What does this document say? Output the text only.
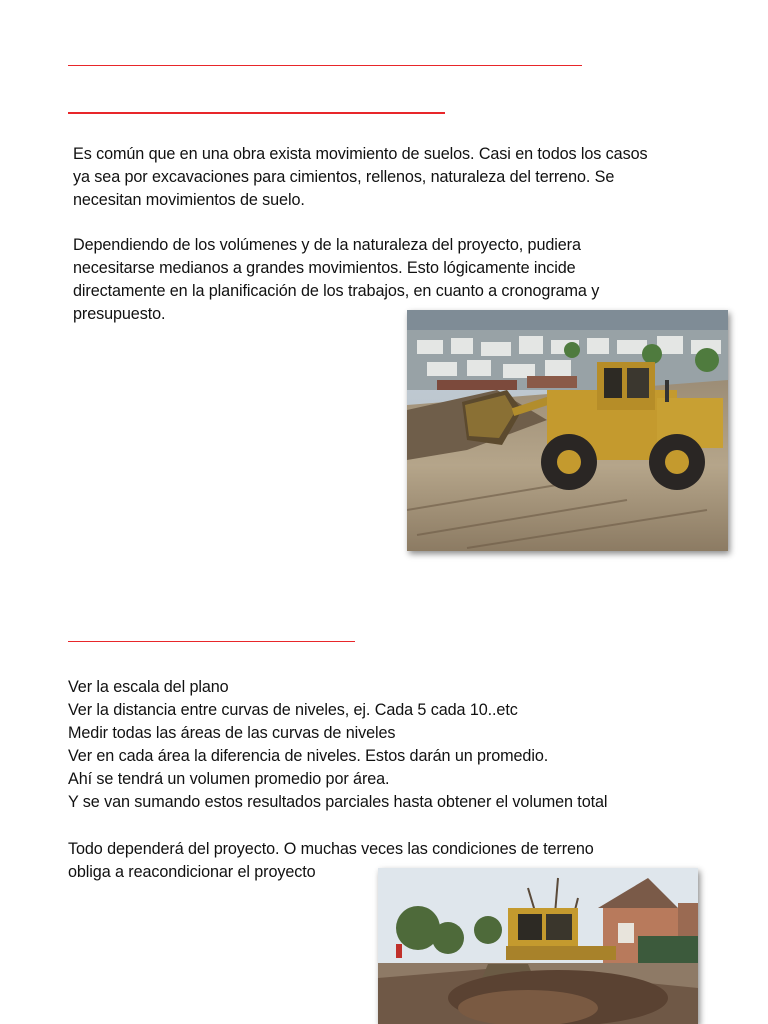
Es común que en una obra exista movimiento de suelos. Casi en todos los casos
ya sea por excavaciones para cimientos, rellenos, naturaleza del terreno. Se
necesitan movimientos de suelo.
Dependiendo de los volúmenes y de la naturaleza del proyecto, pudiera
necesitarse medianos a grandes movimientos. Esto lógicamente incide
directamente en la planificación de los trabajos, en cuanto a cronograma y
presupuesto.
Ver la escala del plano
Ver la distancia entre curvas de niveles, ej. Cada 5 cada 10..etc
Medir todas las áreas de las curvas de niveles
Ver en cada área la diferencia de niveles. Estos darán un promedio.
Ahí se tendrá un volumen promedio por área.
Y se van sumando estos resultados parciales hasta obtener el volumen total
Todo dependerá del proyecto. O muchas veces las condiciones de terreno
obliga a reacondicionar el proyecto
